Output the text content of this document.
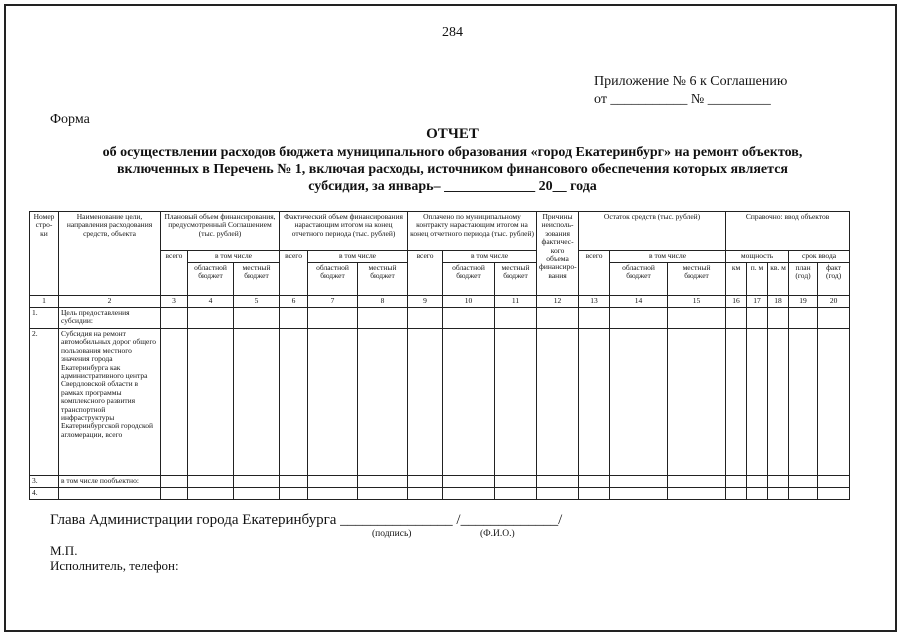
284
Приложение № 6 к Соглашению
от ___________ № _________
Форма
ОТЧЕТ
об осуществлении расходов бюджета муниципального образования «город Екатеринбург» на ремонт объектов,
включенных в Перечень № 1, включая расходы, источником финансового обеспечения которых является
субсидия, за январь– _____________ 20__ года
Номер стро-ки	Наименование цели, направления расходования средств, объекта	Плановый объем финансирования, предусмотренный Соглашением (тыс. рублей)			Фактический объем финансирования нарастающим итогом на конец отчетного периода (тыс. рублей)			Оплачено по муниципальному контракту нарастающим итогом на конец отчетного периода (тыс. рублей)			Причины неисполь-зования фактичес-кого объема финансиро-вания	Остаток средств (тыс. рублей)			Справочно: ввод объектов				
		всего	в том числе		всего	в том числе		всего	в том числе			всего	в том числе		мощность			срок ввода	
			областной бюджет	местный бюджет		областной бюджет	местный бюджет		областной бюджет	местный бюджет			областной бюджет	местный бюджет	км	п. м	кв. м	план (год)	факт (год)
1	2	3	4	5	6	7	8	9	10	11	12	13	14	15	16	17	18	19	20
1.	Цель предоставления субсидии:																		
2.	Субсидия на ремонт автомобильных дорог общего пользования местного значения города Екатеринбурга как административного центра Свердловской области в рамках программы комплексного развития транспортной инфраструктуры Екатеринбургской городской агломерации, всего																		
3.	в том числе пообъектно:																		
4.																			
Глава Администрации города Екатеринбурга _______________ /_____________/
(подпись)	(Ф.И.О.)
М.П.
Исполнитель, телефон:
